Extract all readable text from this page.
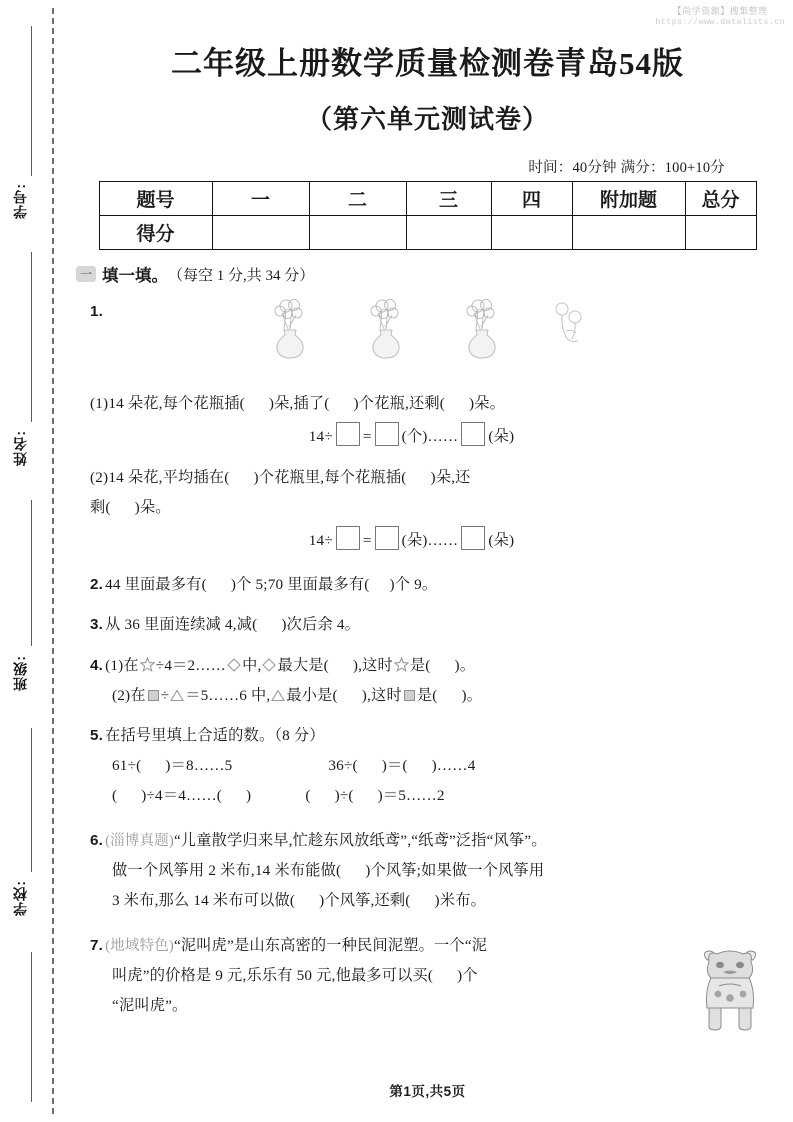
【尚学资源】搜集整理
https://www.datalists.cn
学号:
姓名:
班级:
学校:
二年级上册数学质量检测卷青岛54版
（第六单元测试卷）
时间：40分钟 满分：100+10分
题号	一	二	三	四	附加题	总分
得分						
一 填一填。 （每空 1 分,共 34 分）
1.
(1)14 朵花,每个花瓶插( )朵,插了( )个花瓶,还剩( )朵。
14÷ = (个)…… (朵)
(2)14 朵花,平均插在( )个花瓶里,每个花瓶插( )朵,还
剩( )朵。
14÷ = (朵)…… (朵)
2. 44 里面最多有( )个 5;70 里面最多有( )个 9。
3. 从 36 里面连续减 4,减( )次后余 4。
4. (1)在 ÷4＝2…… 中, 最大是( ),这时 是( )。
(2)在 ÷ ＝5……6 中, 最小是( ),这时 是( )。
5. 在括号里填上合适的数。（8 分）
61÷( )＝8……5	36÷( )＝( )……4
( )÷4＝4……( )	( )÷( )＝5……2
6. (淄博真题)“儿童散学归来早,忙趁东风放纸鸢”,“纸鸢”泛指“风筝”。
做一个风筝用 2 米布,14 米布能做( )个风筝;如果做一个风筝用
3 米布,那么 14 米布可以做( )个风筝,还剩( )米布。
7. (地域特色)“泥叫虎”是山东高密的一种民间泥塑。一个“泥
叫虎”的价格是 9 元,乐乐有 50 元,他最多可以买( )个
“泥叫虎”。
第1页,共5页
